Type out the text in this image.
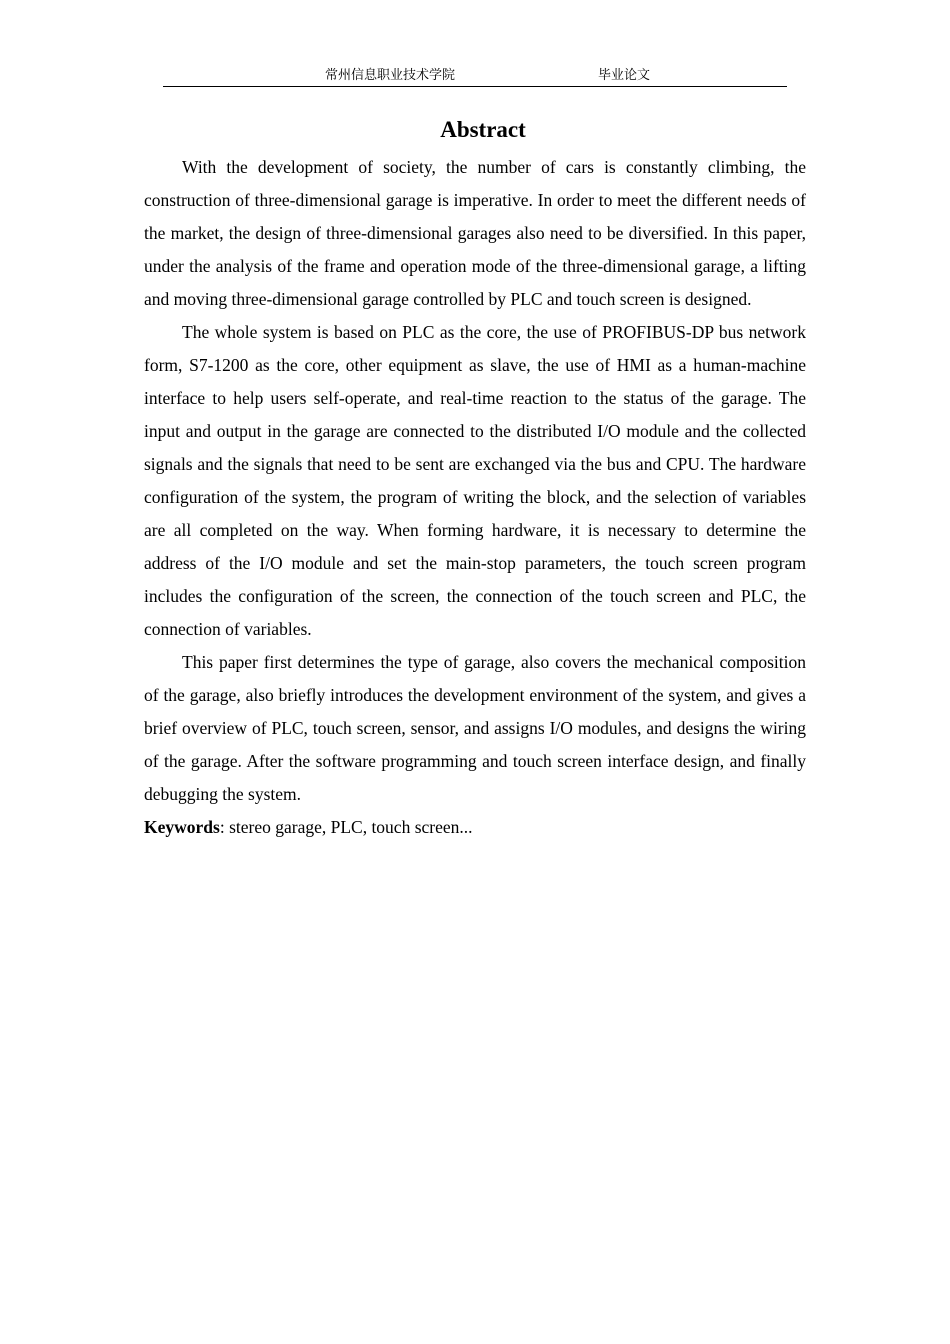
常州信息职业技术学院	毕业论文
Abstract

With the development of society, the number of cars is constantly climbing, the construction of three-dimensional garage is imperative. In order to meet the different needs of the market, the design of three-dimensional garages also need to be diversified. In this paper, under the analysis of the frame and operation mode of the three-dimensional garage, a lifting and moving three-dimensional garage controlled by PLC and touch screen is designed.

The whole system is based on PLC as the core, the use of PROFIBUS-DP bus network form, S7-1200 as the core, other equipment as slave, the use of HMI as a human-machine interface to help users self-operate, and real-time reaction to the status of the garage. The input and output in the garage are connected to the distributed I/O module and the collected signals and the signals that need to be sent are exchanged via the bus and CPU. The hardware configuration of the system, the program of writing the block, and the selection of variables are all completed on the way. When forming hardware, it is necessary to determine the address of the I/O module and set the main-stop parameters, the touch screen program includes the configuration of the screen, the connection of the touch screen and PLC, the connection of variables.

This paper first determines the type of garage, also covers the mechanical composition of the garage, also briefly introduces the development environment of the system, and gives a brief overview of PLC, touch screen, sensor, and assigns I/O modules, and designs the wiring of the garage. After the software programming and touch screen interface design, and finally debugging the system.

Keywords: stereo garage, PLC, touch screen...
